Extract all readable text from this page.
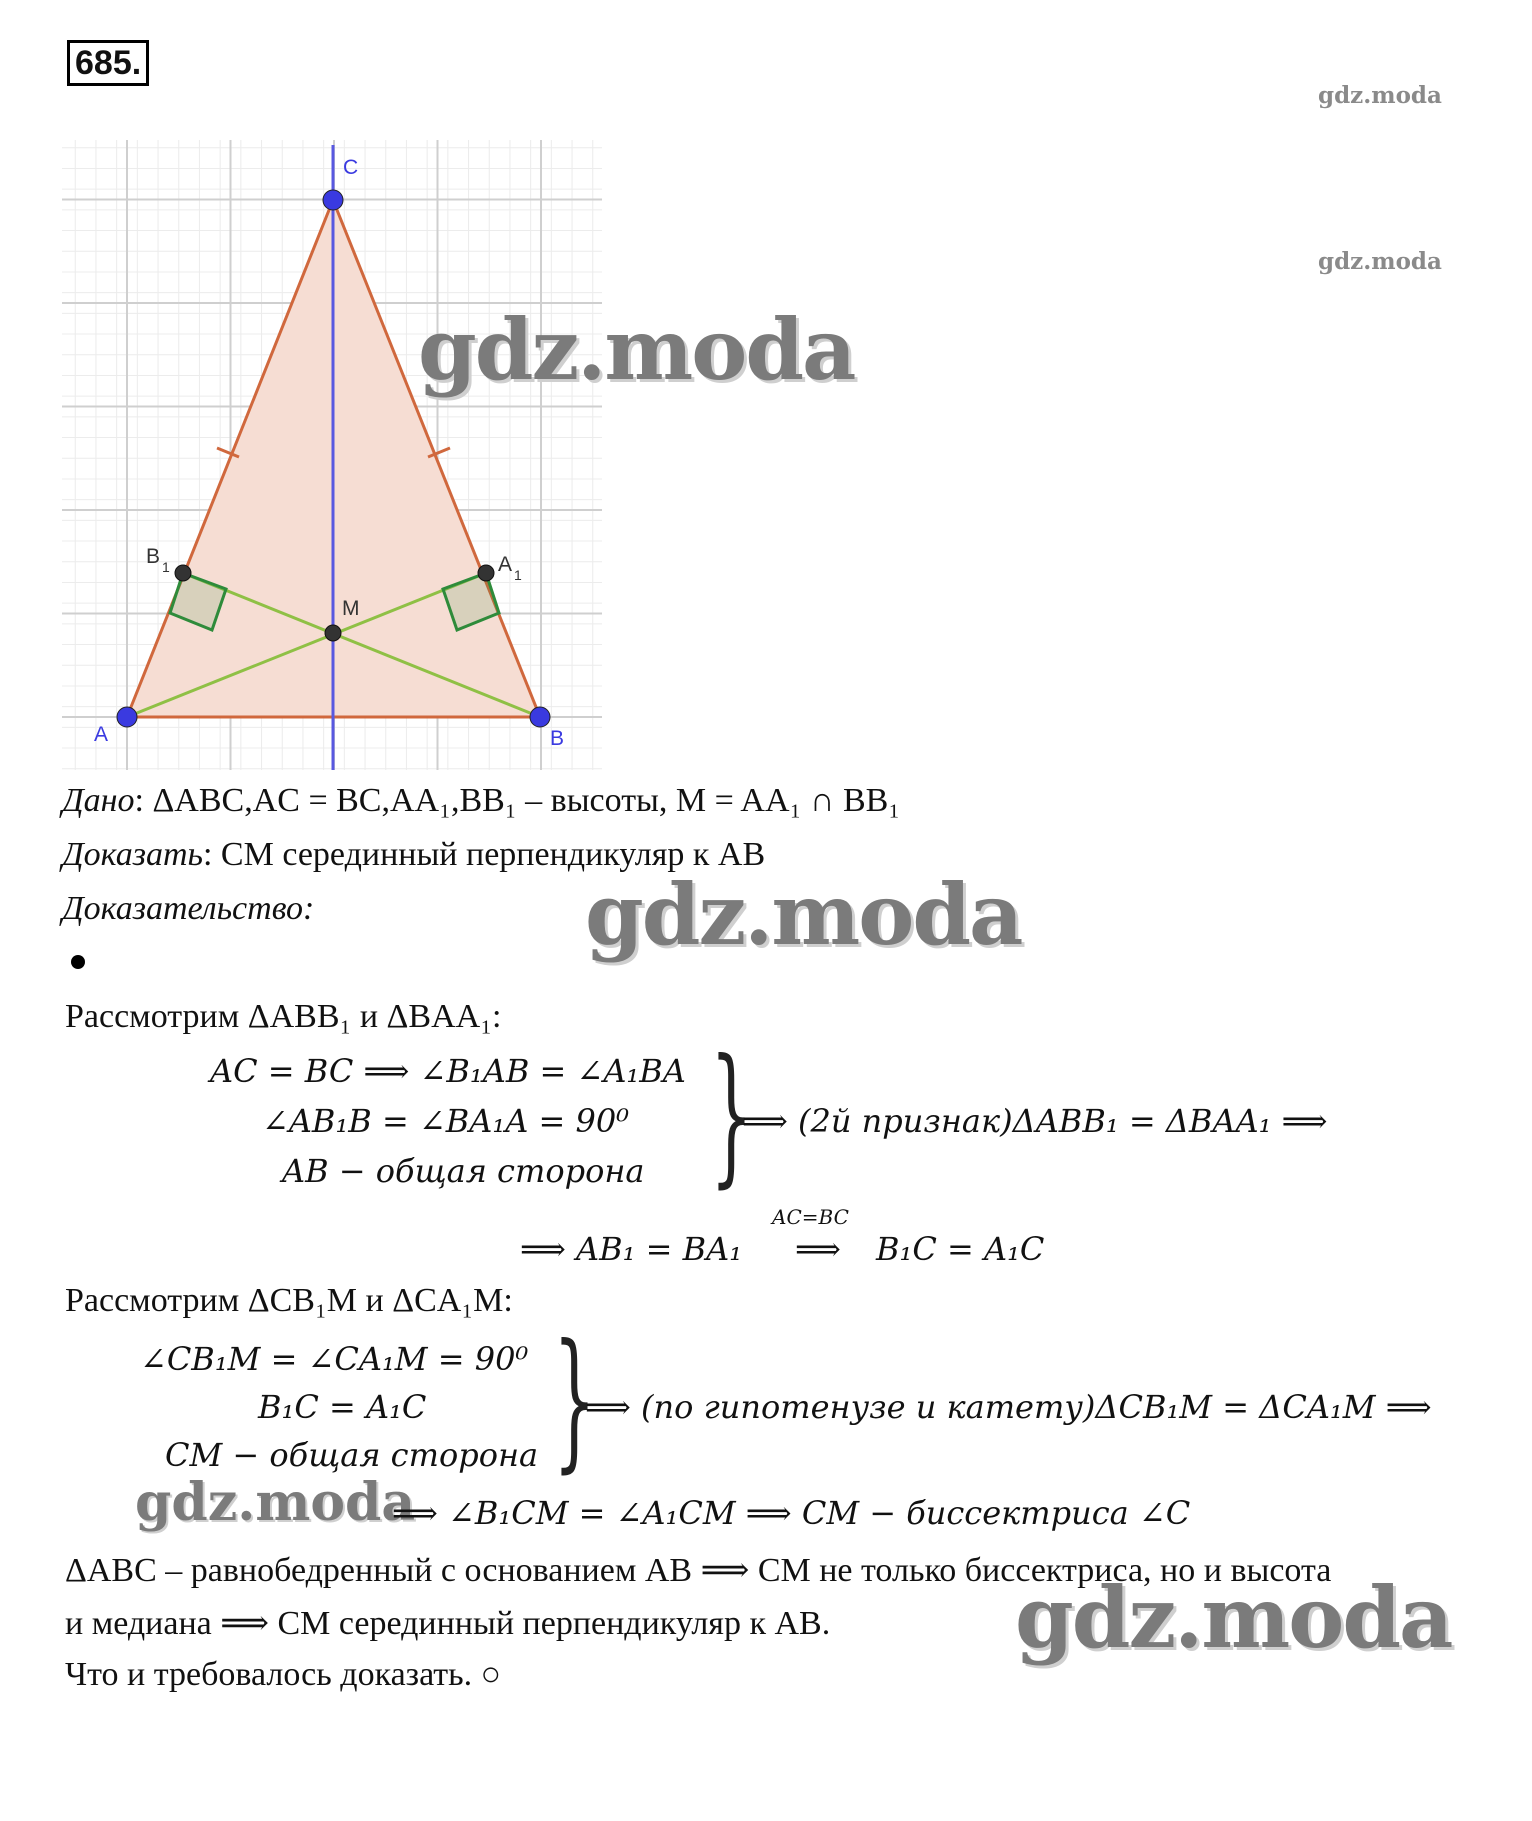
685.
gdz.moda
gdz.moda
A	B
C
M
A 1
B 1
gdz.moda
gdz.moda
gdz.moda
gdz.moda
Дано: ΔABC,AC = BC,AA₁,BB₁ – высоты, M = AA₁ ∩ BB₁
Доказать: CM серединный перпендикуляр к AB
Доказательство:
Рассмотрим ΔABB₁ и ΔBAA₁:
AC = BC ⟹ ∠B₁AB = ∠A₁BA
∠AB₁B = ∠BA₁A = 90⁰
AB − общая сторона }
⟹ (2й признак)ΔABB₁ = ΔBAA₁ ⟹
⟹ AB₁ = BA₁
AC=BC
⟹ B₁C = A₁C
Рассмотрим ΔCB₁M и ΔCA₁M:
∠CB₁M = ∠CA₁M = 90⁰
B₁C = A₁C
CM − общая сторона }
⟹ (по гипотенузе и катету)ΔCB₁M = ΔCA₁M ⟹
⟹ ∠B₁CM = ∠A₁CM ⟹ CM − биссектриса ∠C
ΔABC – равнобедренный с основанием AB ⟹ CM не только биссектриса, но и высота
и медиана ⟹ CM серединный перпендикуляр к AB.
Что и требовалось доказать. ○
